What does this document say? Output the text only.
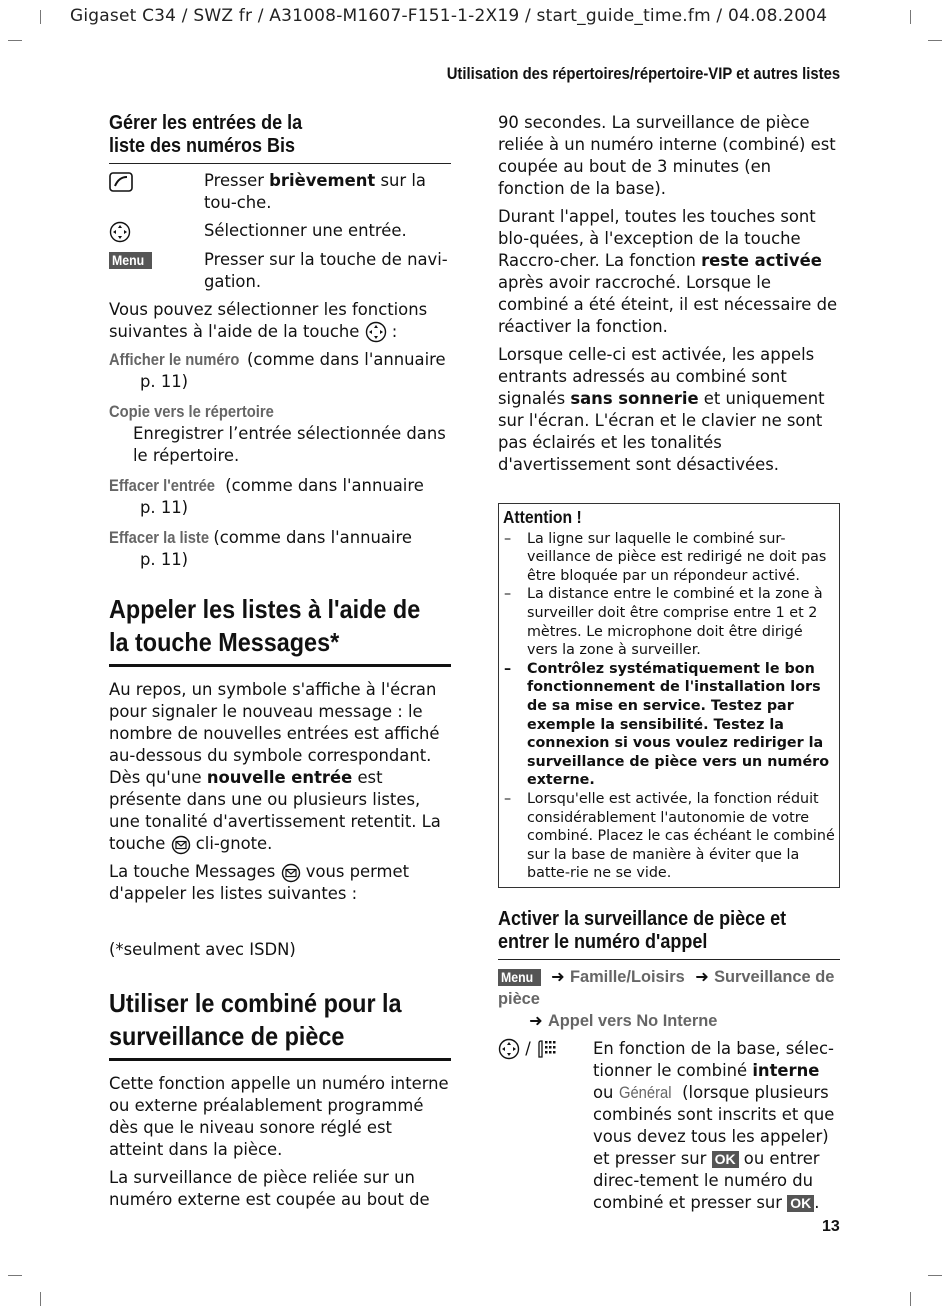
Gigaset C34 / SWZ fr / A31008-M1607-F151-1-2X19 / start_guide_time.fm / 04.08.2004
Utilisation des répertoires/répertoire-VIP et autres listes
Gérer les entrées de la
liste des numéros Bis
Presser brièvement sur la tou-che.
Sélectionner une entrée.
Menu	Presser sur la touche de navi-gation.

Vous pouvez sélectionner les fonctions suivantes à l'aide de la touche  :

Afficher le numéro (comme dans l'annuaire
p. 11)
Copie vers le répertoire
Enregistrer l’entrée sélectionnée dans le répertoire.
Effacer l'entrée  (comme dans l'annuaire
p. 11)
Effacer la liste (comme dans l'annuaire
p. 11)
Appeler les listes à l'aide de
la touche Messages*

Au repos, un symbole s'affiche à l'écran pour signaler le nouveau message : le nombre de nouvelles entrées est affiché au-dessous du symbole correspondant. Dès qu'une nouvelle entrée est présente dans une ou plusieurs listes, une tonalité d'avertissement retentit. La touche  cli-gnote.

La touche Messages  vous permet d'appeler les listes suivantes :

(*seulment avec ISDN)

Utiliser le combiné pour la
surveillance de pièce

Cette fonction appelle un numéro interne ou externe préalablement programmé dès que le niveau sonore réglé est atteint dans la pièce.

La surveillance de pièce reliée sur un numéro externe est coupée au bout de

90 secondes. La surveillance de pièce reliée à un numéro interne (combiné) est coupée au bout de 3 minutes (en fonction de la base).

Durant l'appel, toutes les touches sont blo-quées, à l'exception de la touche Raccro-cher. La fonction reste activée après avoir raccroché. Lorsque le combiné a été éteint, il est nécessaire de réactiver la fonction.

Lorsque celle-ci est activée, les appels entrants adressés au combiné sont signalés sans sonnerie et uniquement sur l'écran. L'écran et le clavier ne sont pas éclairés et les tonalités d'avertissement sont désactivées.

Attention !
– La ligne sur laquelle le combiné sur-veillance de pièce est redirigé ne doit pas être bloquée par un répondeur activé.
– La distance entre le combiné et la zone à surveiller doit être comprise entre 1 et 2 mètres. Le microphone doit être dirigé vers la zone à surveiller.
– Contrôlez systématiquement le bon fonctionnement de l'installation lors de sa mise en service. Testez par exemple la sensibilité. Testez la connexion si vous voulez rediriger la surveillance de pièce vers un numéro externe.
– Lorsqu'elle est activée, la fonction réduit considérablement l'autonomie de votre combiné. Placez le cas échéant le combiné sur la base de manière à éviter que la batte-rie ne se vide.
Activer la surveillance de pièce et
entrer le numéro d'appel
Menu  ➜ Famille/Loisirs  ➜ Surveillance de pièce
➜ Appel vers No Interne
/	En fonction de la base, sélec-tionner le combiné interne ou Général (lorsque plusieurs combinés sont inscrits et que vous devez tous les appeler) et presser sur OK ou entrer direc-tement le numéro du combiné et presser sur OK .
13
